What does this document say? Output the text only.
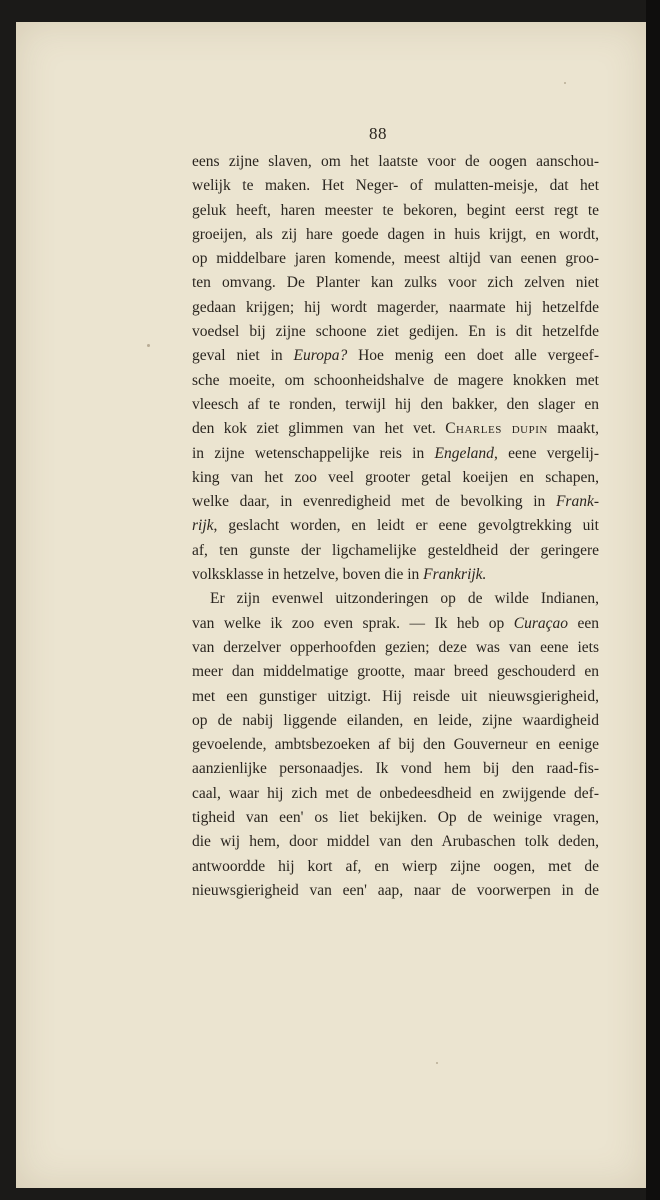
88
eens zijne slaven, om het laatste voor de oogen aanschou-
welijk te maken. Het Neger- of mulatten-meisje, dat het
geluk heeft, haren meester te bekoren, begint eerst regt te
groeijen, als zij hare goede dagen in huis krijgt, en wordt,
op middelbare jaren komende, meest altijd van eenen groo-
ten omvang. De Planter kan zulks voor zich zelven niet
gedaan krijgen; hij wordt magerder, naarmate hij hetzelfde
voedsel bij zijne schoone ziet gedijen. En is dit hetzelfde
geval niet in Europa? Hoe menig een doet alle vergeef-
sche moeite, om schoonheidshalve de magere knokken met
vleesch af te ronden, terwijl hij den bakker, den slager en
den kok ziet glimmen van het vet. Charles dupin maakt,
in zijne wetenschappelijke reis in Engeland, eene vergelij-
king van het zoo veel grooter getal koeijen en schapen,
welke daar, in evenredigheid met de bevolking in Frank-
rijk, geslacht worden, en leidt er eene gevolgtrekking uit
af, ten gunste der ligchamelijke gesteldheid der geringere
volksklasse in hetzelve, boven die in Frankrijk.
Er zijn evenwel uitzonderingen op de wilde Indianen,
van welke ik zoo even sprak. — Ik heb op Curaçao een
van derzelver opperhoofden gezien; deze was van eene iets
meer dan middelmatige grootte, maar breed geschouderd en
met een gunstiger uitzigt. Hij reisde uit nieuwsgierigheid,
op de nabij liggende eilanden, en leide, zijne waardigheid
gevoelende, ambtsbezoeken af bij den Gouverneur en eenige
aanzienlijke personaadjes. Ik vond hem bij den raad-fis-
caal, waar hij zich met de onbedeesdheid en zwijgende def-
tigheid van een' os liet bekijken. Op de weinige vragen,
die wij hem, door middel van den Arubaschen tolk deden,
antwoordde hij kort af, en wierp zijne oogen, met de
nieuwsgierigheid van een' aap, naar de voorwerpen in de
